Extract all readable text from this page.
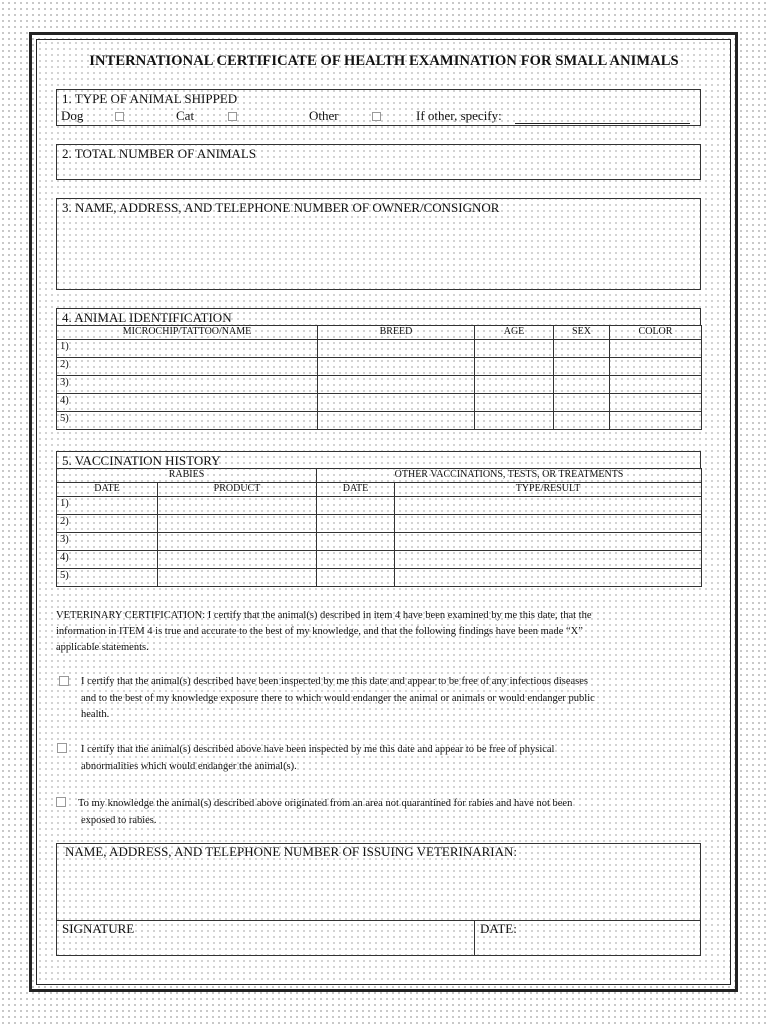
INTERNATIONAL CERTIFICATE OF HEALTH EXAMINATION FOR SMALL ANIMALS
1. TYPE OF ANIMAL SHIPPED
Dog	Cat	Other	If other, specify:
2. TOTAL NUMBER OF ANIMALS
3. NAME, ADDRESS, AND TELEPHONE NUMBER OF OWNER/CONSIGNOR
4. ANIMAL IDENTIFICATION
MICROCHIP/TATTOO/NAME	BREED	AGE	SEX	COLOR
1)				
2)				
3)				
4)				
5)				
5. VACCINATION HISTORY
RABIES		OTHER VACCINATIONS, TESTS, OR TREATMENTS	
DATE	PRODUCT	DATE	TYPE/RESULT
1)			
2)			
3)			
4)			
5)			
VETERINARY CERTIFICATION: I certify that the animal(s) described in item 4 have been examined by me this date, that the
information in ITEM 4 is true and accurate to the best of my knowledge, and that the following findings have been made “X”
applicable statements.
I certify that the animal(s) described have been inspected by me this date and appear to be free of any infectious diseases
and to the best of my knowledge exposure there to which would endanger the animal or animals or would endanger public
health.
I certify that the animal(s) described above have been inspected by me this date and appear to be free of physical
abnormalities which would endanger the animal(s).
To my knowledge the animal(s) described above originated from an area not quarantined for rabies and have not been
exposed to rabies.
NAME, ADDRESS, AND TELEPHONE NUMBER OF ISSUING VETERINARIAN:
SIGNATURE	DATE:
